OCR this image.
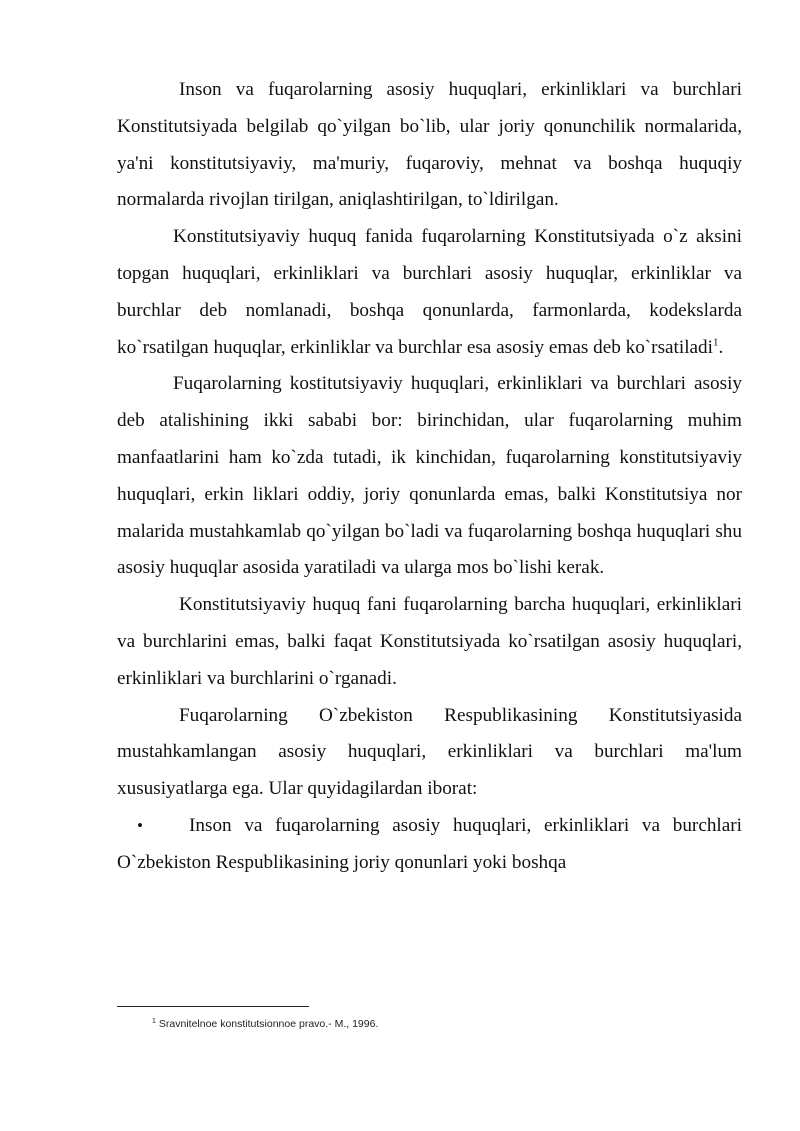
Inson va fuqarolarning asosiy huquqlari, erkinliklari va burchlari Konstitutsiyada belgilab qo`yilgan bo`lib, ular joriy qonunchilik normalarida, ya'ni konstitutsiyaviy, ma'muriy, fuqaroviy, mehnat va boshqa huquqiy normalarda rivojlan tirilgan, aniqlashtirilgan, to`ldirilgan.

Konstitutsiyaviy huquq fanida fuqarolarning Konstitutsiyada o`z aksini topgan huquqlari, erkinliklari va burchlari asosiy huquqlar, erkinliklar va burchlar deb nomlanadi, boshqa qonunlarda, farmonlarda, kodekslarda ko`rsatilgan huquqlar, erkinliklar va burchlar esa asosiy emas deb ko`rsatiladi$^1$.

Fuqarolarning kostitutsiyaviy huquqlari, erkinliklari va burchlari asosiy deb atalishining ikki sababi bor: birinchidan, ular fuqarolarning muhim manfaatlarini ham ko`zda tutadi, ik kinchidan, fuqarolarning konstitutsiyaviy huquqlari, erkin liklari oddiy, joriy qonunlarda emas, balki Konstitutsiya nor malarida mustahkamlab qo`yilgan bo`ladi va fuqarolarning boshqa huquqlari shu asosiy huquqlar asosida yaratiladi va ularga mos bo`lishi kerak.

Konstitutsiyaviy huquq fani fuqarolarning barcha huquqlari, erkinliklari va burchlarini emas, balki faqat Konstitutsiyada ko`rsatilgan asosiy huquqlari, erkinliklari va burchlarini o`rganadi.

Fuqarolarning O`zbekiston Respublikasining Konstitutsiyasida mustahkamlangan asosiy huquqlari, erkinliklari va burchlari ma'lum xususiyatlarga ega. Ular quyidagilardan iborat:

• Inson va fuqarolarning asosiy huquqlari, erkinliklari va burchlari O`zbekiston Respublikasining joriy qonunlari yoki boshqa

$^1$ Sravnitelnoe konstitutsionnoe pravo.- M., 1996.
